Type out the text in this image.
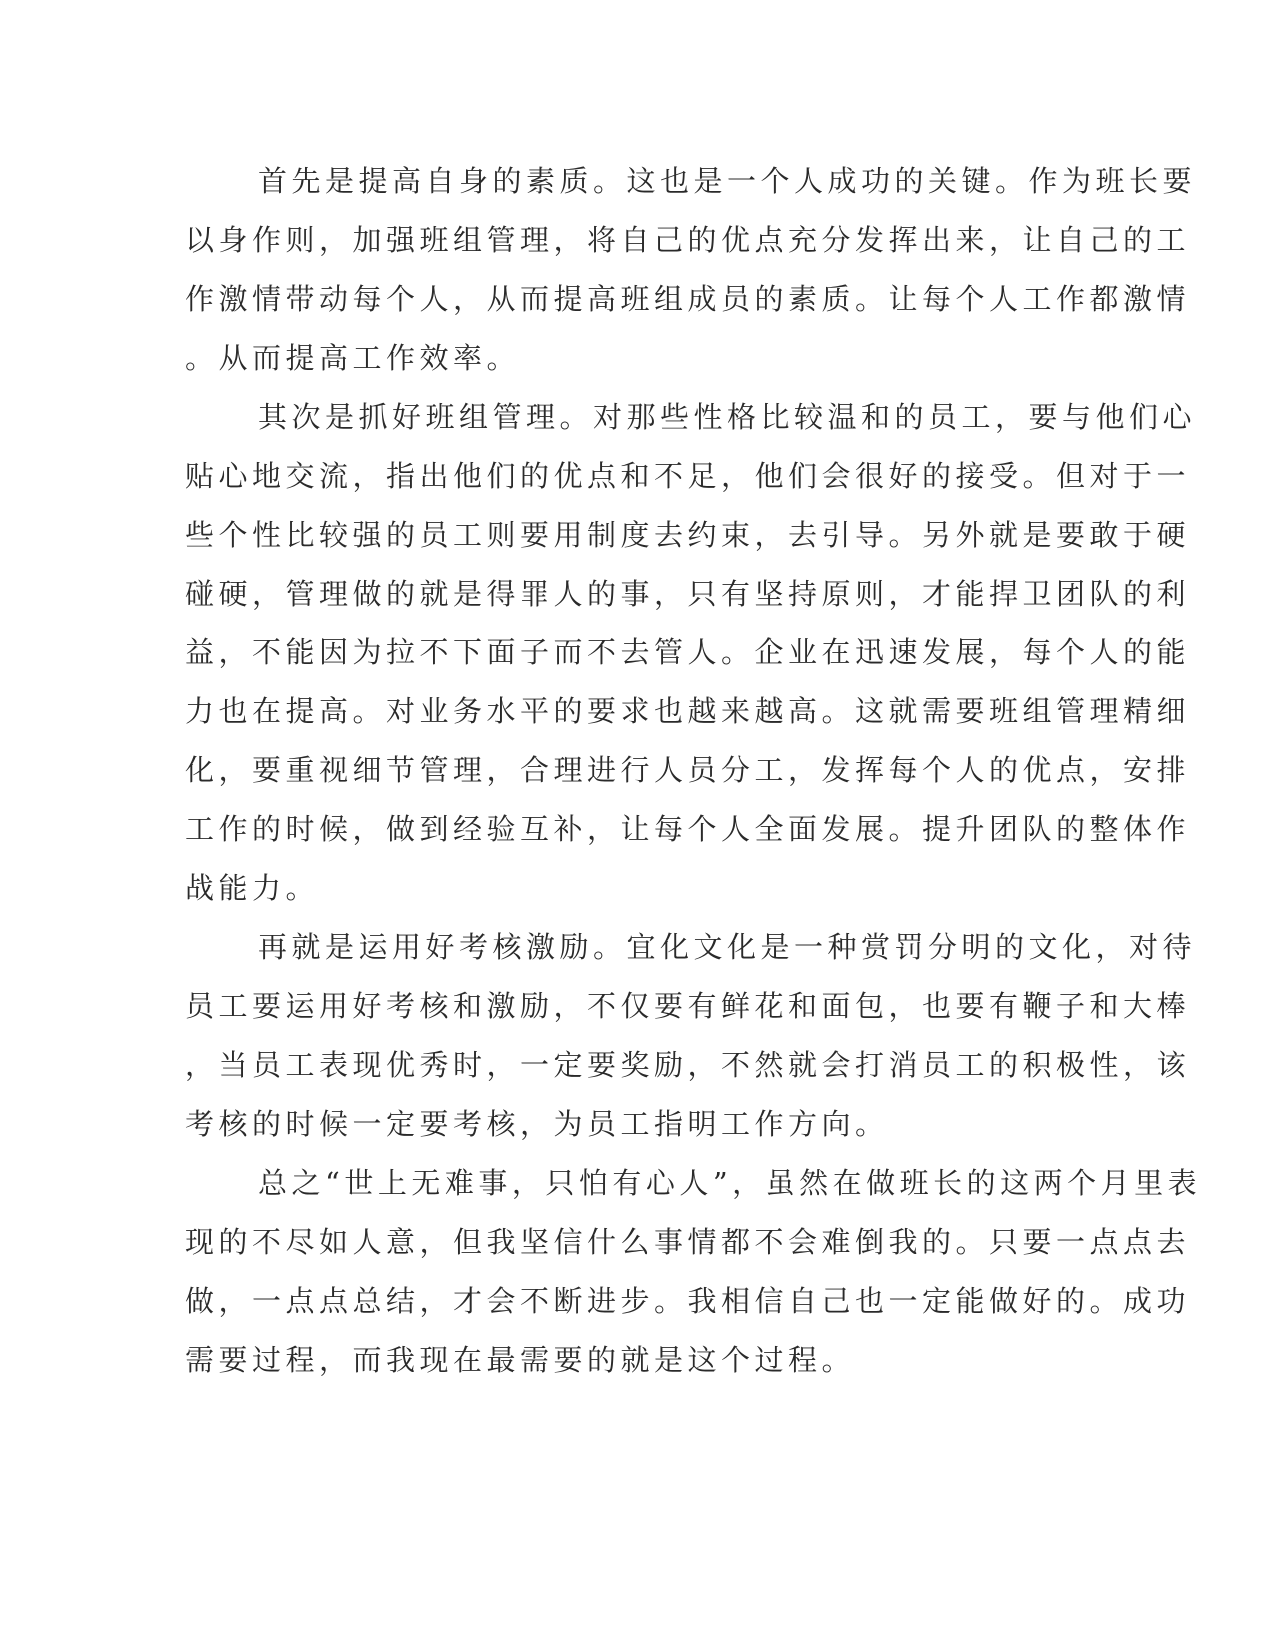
首先是提高自身的素质。这也是一个人成功的关键。作为班长要
以身作则，加强班组管理，将自己的优点充分发挥出来，让自己的工
作激情带动每个人，从而提高班组成员的素质。让每个人工作都激情
。从而提高工作效率。
其次是抓好班组管理。对那些性格比较温和的员工，要与他们心
贴心地交流，指出他们的优点和不足，他们会很好的接受。但对于一
些个性比较强的员工则要用制度去约束，去引导。另外就是要敢于硬
碰硬，管理做的就是得罪人的事，只有坚持原则，才能捍卫团队的利
益，不能因为拉不下面子而不去管人。企业在迅速发展，每个人的能
力也在提高。对业务水平的要求也越来越高。这就需要班组管理精细
化，要重视细节管理，合理进行人员分工，发挥每个人的优点，安排
工作的时候，做到经验互补，让每个人全面发展。提升团队的整体作
战能力。
再就是运用好考核激励。宜化文化是一种赏罚分明的文化，对待
员工要运用好考核和激励，不仅要有鲜花和面包，也要有鞭子和大棒
，当员工表现优秀时，一定要奖励，不然就会打消员工的积极性，该
考核的时候一定要考核，为员工指明工作方向。
总之“世上无难事，只怕有心人”，虽然在做班长的这两个月里表
现的不尽如人意，但我坚信什么事情都不会难倒我的。只要一点点去
做，一点点总结，才会不断进步。我相信自己也一定能做好的。成功
需要过程，而我现在最需要的就是这个过程。
